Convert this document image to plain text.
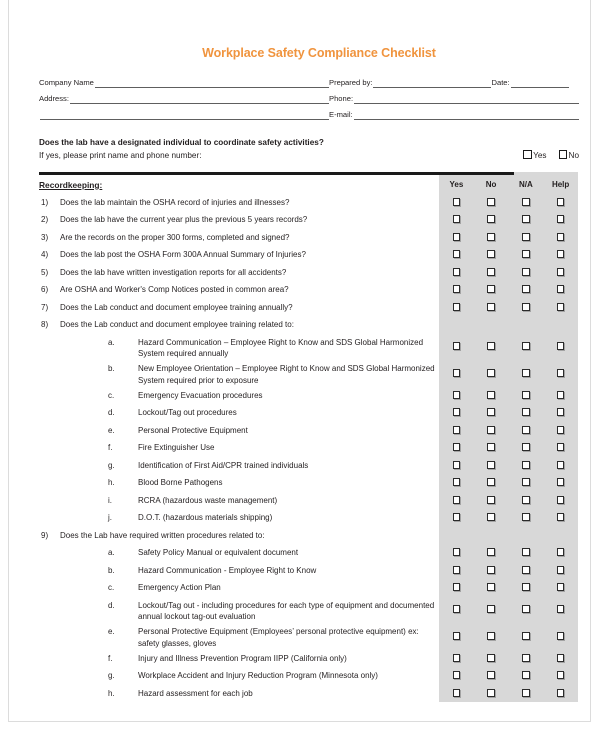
Workplace Safety Compliance Checklist
Company Name	Prepared by:	Date:
Address:	Phone:
E-mail:
Does the lab have a designated individual to coordinate safety activities?
If yes, please print name and phone number:	Yes	No
Recordkeeping:	Yes	No	N/A	Help
1)	Does the lab maintain the OSHA record of injuries and illnesses?
2)	Does the lab have the current year plus the previous 5 years records?
3)	Are the records on the proper 300 forms, completed and signed?
4)	Does the lab post the OSHA Form 300A Annual Summary of Injuries?
5)	Does the lab have written investigation reports for all accidents?
6)	Are OSHA and Worker's Comp Notices posted in common area?
7)	Does the Lab conduct and document employee training annually?
8)	Does the Lab conduct and document employee training related to:
a.	Hazard Communication – Employee Right to Know and SDS Global Harmonized System required annually
b.	New Employee Orientation – Employee Right to Know and SDS Global Harmonized System required prior to exposure
c.	Emergency Evacuation procedures
d.	Lockout/Tag out procedures
e.	Personal Protective Equipment
f.	Fire Extinguisher Use
g.	Identification of First Aid/CPR trained individuals
h.	Blood Borne Pathogens
i.	RCRA (hazardous waste management)
j.	D.O.T. (hazardous materials shipping)
9)	Does the Lab have required written procedures related to:
a.	Safety Policy Manual or equivalent document
b.	Hazard Communication - Employee Right to Know
c.	Emergency Action Plan
d.	Lockout/Tag out - including procedures for each type of equipment and documented annual lockout tag-out evaluation
e.	Personal Protective Equipment (Employees’ personal protective equipment) ex: safety glasses, gloves
f.	Injury and Illness Prevention Program IIPP (California only)
g.	Workplace Accident and Injury Reduction Program (Minnesota only)
h.	Hazard assessment for each job
